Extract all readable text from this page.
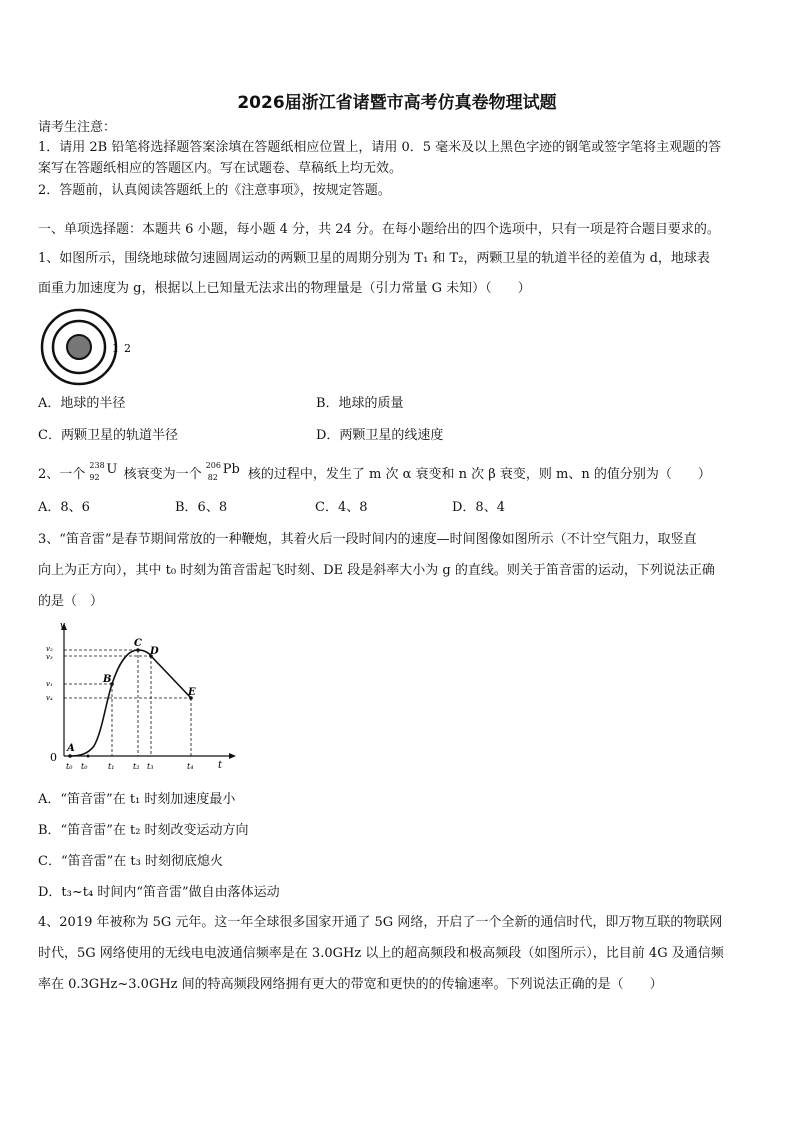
2026届浙江省诸暨市高考仿真卷物理试题
请考生注意：
1．请用 2B 铅笔将选择题答案涂填在答题纸相应位置上，请用 0．5 毫米及以上黑色字迹的钢笔或签字笔将主观题的答
案写在答题纸相应的答题区内。写在试题卷、草稿纸上均无效。
2．答题前，认真阅读答题纸上的《注意事项》，按规定答题。
一、单项选择题：本题共 6 小题，每小题 4 分，共 24 分。在每小题给出的四个选项中，只有一项是符合题目要求的。
1、如图所示，围绕地球做匀速圆周运动的两颗卫星的周期分别为 T₁ 和 T₂，两颗卫星的轨道半径的差值为 d，地球表
面重力加速度为 g，根据以上已知量无法求出的物理量是（引力常量 G 未知）（　　）
1 2
A．地球的半径	B．地球的质量
C．两颗卫星的轨道半径	D．两颗卫星的线速度
2、一个
238
92
U 核衰变为一个
206
82
Pb 核的过程中，发生了 m 次 α 衰变和 n 次 β 衰变，则 m、n 的值分别为（　　）
A．8、6	B．6、8	C．4、8	D．8、4
3、“笛音雷”是春节期间常放的一种鞭炮，其着火后一段时间内的速度—时间图像如图所示（不计空气阻力，取竖直
向上为正方向），其中 t₀ 时刻为笛音雷起飞时刻、DE 段是斜率大小为 g 的直线。则关于笛音雷的运动，下列说法正确
的是（　）
v
t
0
v₂
v₃
v₁
v₄
A
B
C
D
E
t₀ t₀	t₁ t₂ t₃	t₄
A．“笛音雷”在 t₁ 时刻加速度最小
B．“笛音雷”在 t₂ 时刻改变运动方向
C．“笛音雷”在 t₃ 时刻彻底熄火
D．t₃~t₄ 时间内“笛音雷”做自由落体运动
4、2019 年被称为 5G 元年。这一年全球很多国家开通了 5G 网络，开启了一个全新的通信时代，即万物互联的物联网
时代，5G 网络使用的无线电电波通信频率是在 3.0GHz 以上的超高频段和极高频段（如图所示），比目前 4G 及通信频
率在 0.3GHz~3.0GHz 间的特高频段网络拥有更大的带宽和更快的的传输速率。下列说法正确的是（　　）
